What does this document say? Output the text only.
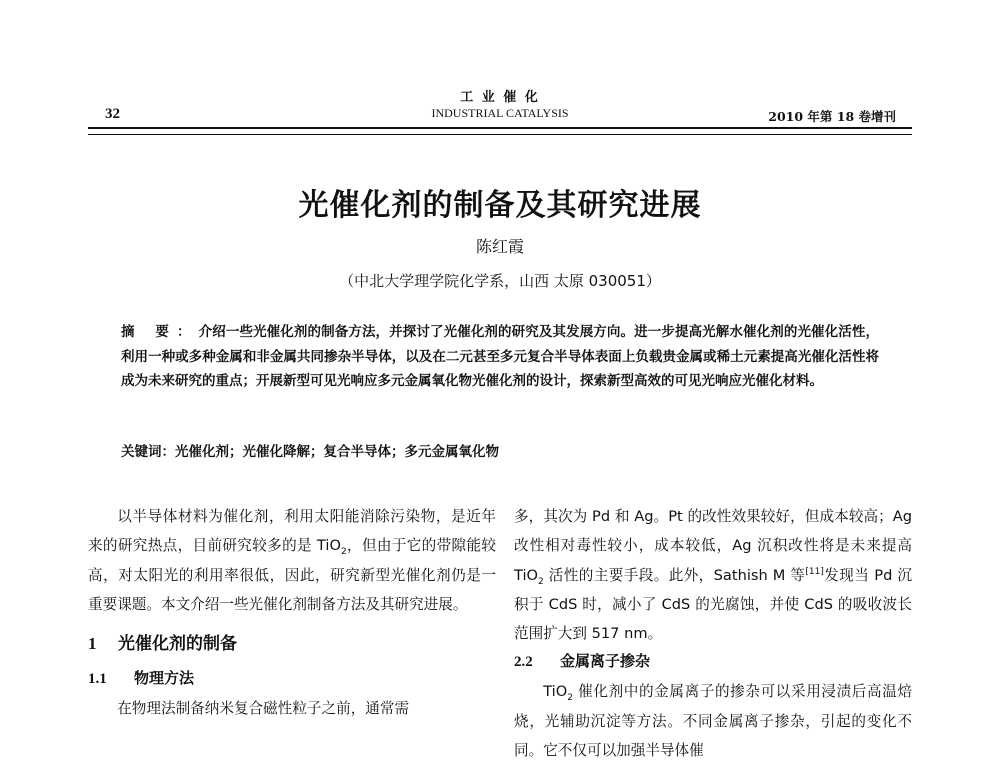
32
工 业 催 化
INDUSTRIAL CATALYSIS	2010 年第 18 卷增刊
光催化剂的制备及其研究进展
陈红霞
（中北大学理学院化学系，山西 太原 030051）
摘 要：介绍一些光催化剂的制备方法，并探讨了光催化剂的研究及其发展方向。进一步提高光解水催化剂的光催化活性，利用一种或多种金属和非金属共同掺杂半导体，以及在二元甚至多元复合半导体表面上负载贵金属或稀土元素提高光催化活性将成为未来研究的重点；开展新型可见光响应多元金属氧化物光催化剂的设计，探索新型高效的可见光响应光催化材料。
关键词：光催化剂；光催化降解；复合半导体；多元金属氧化物

以半导体材料为催化剂，利用太阳能消除污染物，是近年来的研究热点，目前研究较多的是 TiO$_2$，但由于它的带隙能较高，对太阳光的利用率很低，因此，研究新型光催化剂仍是一重要课题。本文介绍一些光催化剂制备方法及其研究进展。

1 光催化剂的制备
1.1 物理方法

在物理法制备纳米复合磁性粒子之前，通常需

多，其次为 Pd 和 Ag。Pt 的改性效果较好，但成本较高；Ag 改性相对毒性较小，成本较低，Ag 沉积改性将是未来提高 TiO$_2$ 活性的主要手段。此外，Sathish M 等[11]发现当 Pd 沉积于 CdS 时，减小了 CdS 的光腐蚀，并使 CdS 的吸收波长范围扩大到 517 nm。

2.2 金属离子掺杂

TiO$_2$ 催化剂中的金属离子的掺杂可以采用浸渍后高温焙烧，光辅助沉淀等方法。不同金属离子掺杂，引起的变化不同。它不仅可以加强半导体催
